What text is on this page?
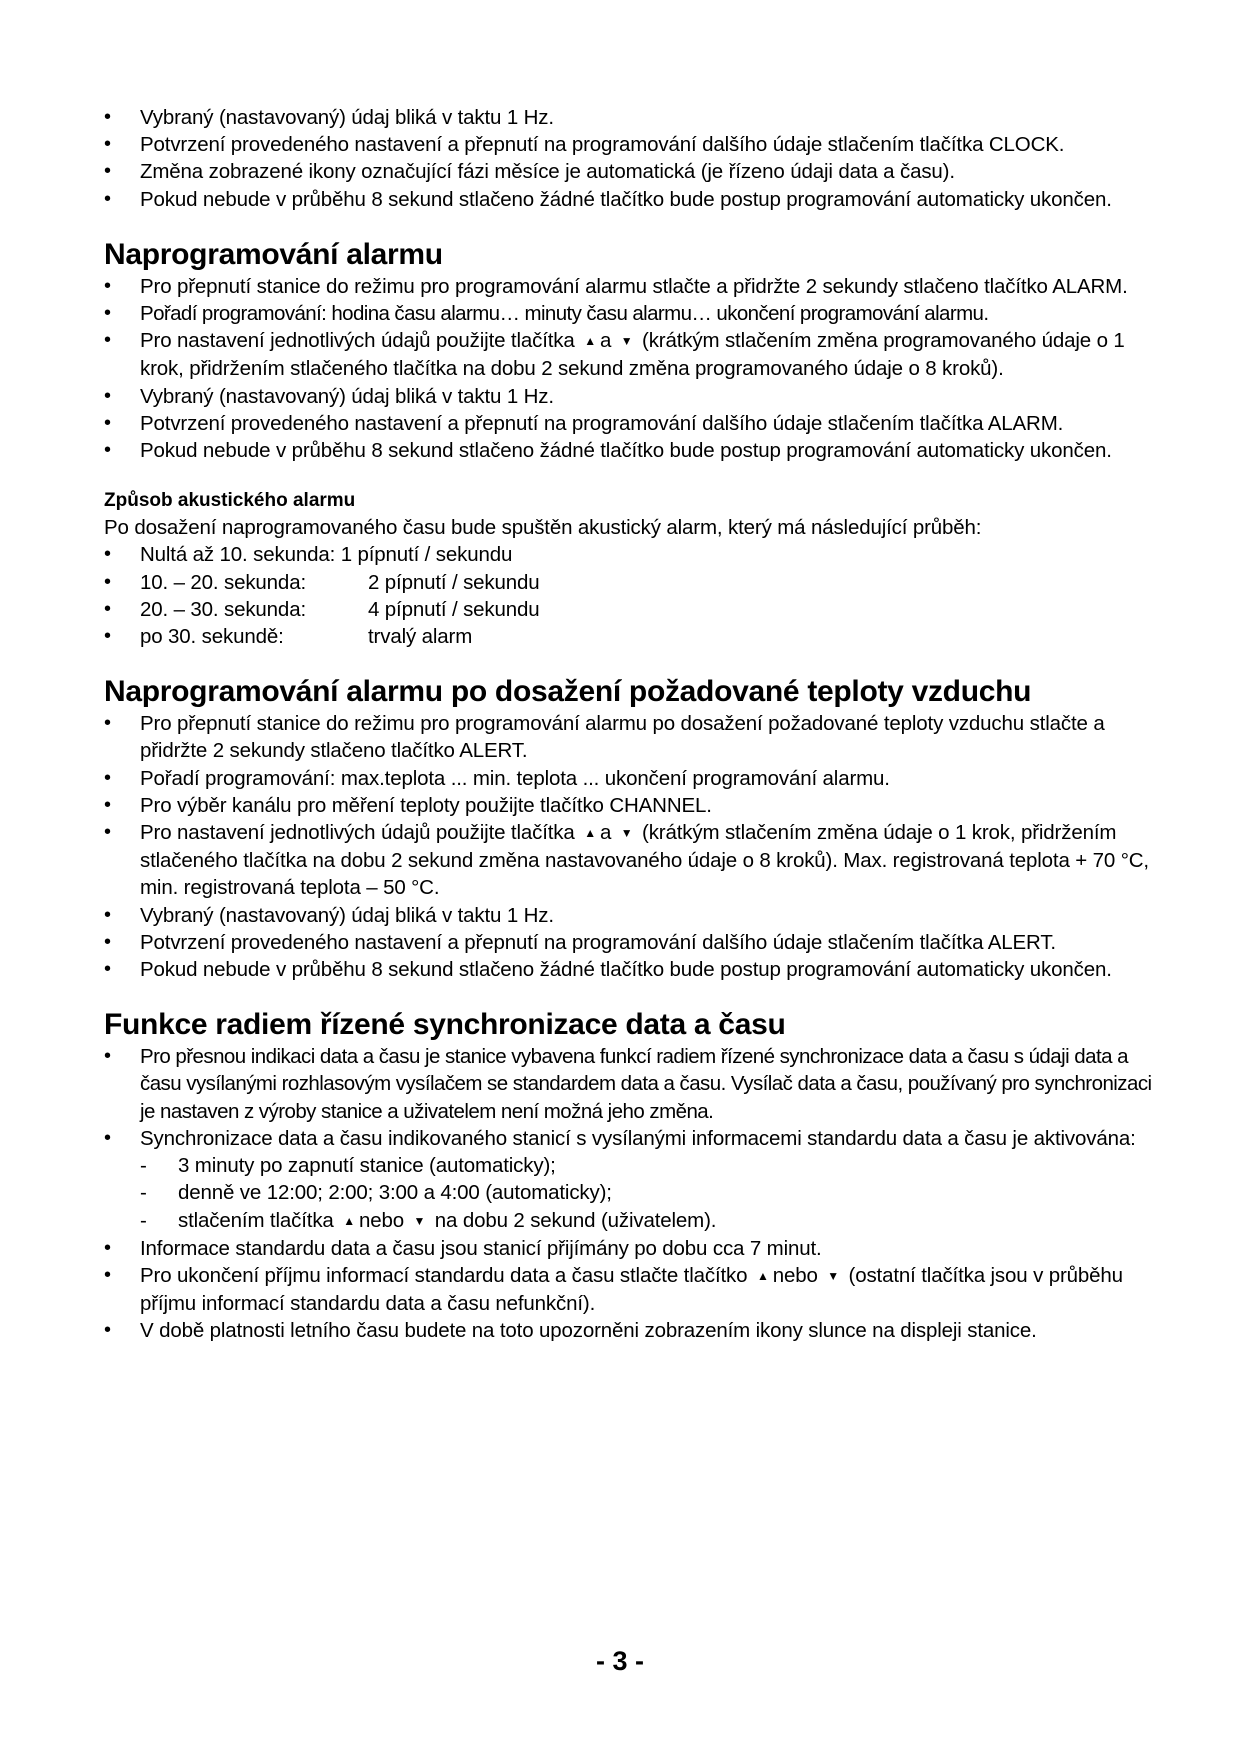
• Vybraný (nastavovaný) údaj bliká v taktu 1 Hz.
• Potvrzení provedeného nastavení a přepnutí na programování dalšího údaje stlačením tlačítka CLOCK.
• Změna zobrazené ikony označující fázi měsíce je automatická (je řízeno údaji data a času).
• Pokud nebude v průběhu 8 sekund stlačeno žádné tlačítko bude postup programování automaticky ukončen.
Naprogramování alarmu
• Pro přepnutí stanice do režimu pro programování alarmu stlačte a přidržte 2 sekundy stlačeno tlačítko ALARM.
• Pořadí programování: hodina času alarmu… minuty času alarmu… ukončení programování alarmu.
• Pro nastavení jednotlivých údajů použijte tlačítka ▲ a ▼ (krátkým stlačením změna programovaného údaje o 1 krok, přidržením stlačeného tlačítka na dobu 2 sekund změna programovaného údaje o 8 kroků).
• Vybraný (nastavovaný) údaj bliká v taktu 1 Hz.
• Potvrzení provedeného nastavení a přepnutí na programování dalšího údaje stlačením tlačítka ALARM.
• Pokud nebude v průběhu 8 sekund stlačeno žádné tlačítko bude postup programování automaticky ukončen.
Způsob akustického alarmu

Po dosažení naprogramovaného času bude spuštěn akustický alarm, který má následující průběh:

• Nultá až 10. sekunda: 1 pípnutí / sekundu
• 10. – 20. sekunda:	2 pípnutí / sekundu
• 20. – 30. sekunda:	4 pípnutí / sekundu
• po 30. sekundě:	trvalý alarm
Naprogramování alarmu po dosažení požadované teploty vzduchu
• Pro přepnutí stanice do režimu pro programování alarmu po dosažení požadované teploty vzduchu stlačte a přidržte 2 sekundy stlačeno tlačítko ALERT.
• Pořadí programování: max.teplota ... min. teplota ... ukončení programování alarmu.
• Pro výběr kanálu pro měření teploty použijte tlačítko CHANNEL.
• Pro nastavení jednotlivých údajů použijte tlačítka ▲ a ▼ (krátkým stlačením změna údaje o 1 krok, přidržením stlačeného tlačítka na dobu 2 sekund změna nastavovaného údaje o 8 kroků). Max. registrovaná teplota + 70 °C, min. registrovaná teplota – 50 °C.
• Vybraný (nastavovaný) údaj bliká v taktu 1 Hz.
• Potvrzení provedeného nastavení a přepnutí na programování dalšího údaje stlačením tlačítka ALERT.
• Pokud nebude v průběhu 8 sekund stlačeno žádné tlačítko bude postup programování automaticky ukončen.
Funkce radiem řízené synchronizace data a času
• Pro přesnou indikaci data a času je stanice vybavena funkcí radiem řízené synchronizace data a času s údaji data a času vysílanými rozhlasovým vysílačem se standardem data a času. Vysílač data a času, používaný pro synchronizaci je nastaven z výroby stanice a uživatelem není možná jeho změna.
• Synchronizace data a času indikovaného stanicí s vysílanými informacemi standardu data a času je aktivována:
- 3 minuty po zapnutí stanice (automaticky);
- denně ve 12:00; 2:00; 3:00 a 4:00 (automaticky);
- stlačením tlačítka ▲ nebo ▼ na dobu 2 sekund (uživatelem).
• Informace standardu data a času jsou stanicí přijímány po dobu cca 7 minut.
• Pro ukončení příjmu informací standardu data a času stlačte tlačítko ▲ nebo ▼ (ostatní tlačítka jsou v průběhu příjmu informací standardu data a času nefunkční).
• V době platnosti letního času budete na toto upozorněni zobrazením ikony slunce na displeji stanice.
- 3 -
